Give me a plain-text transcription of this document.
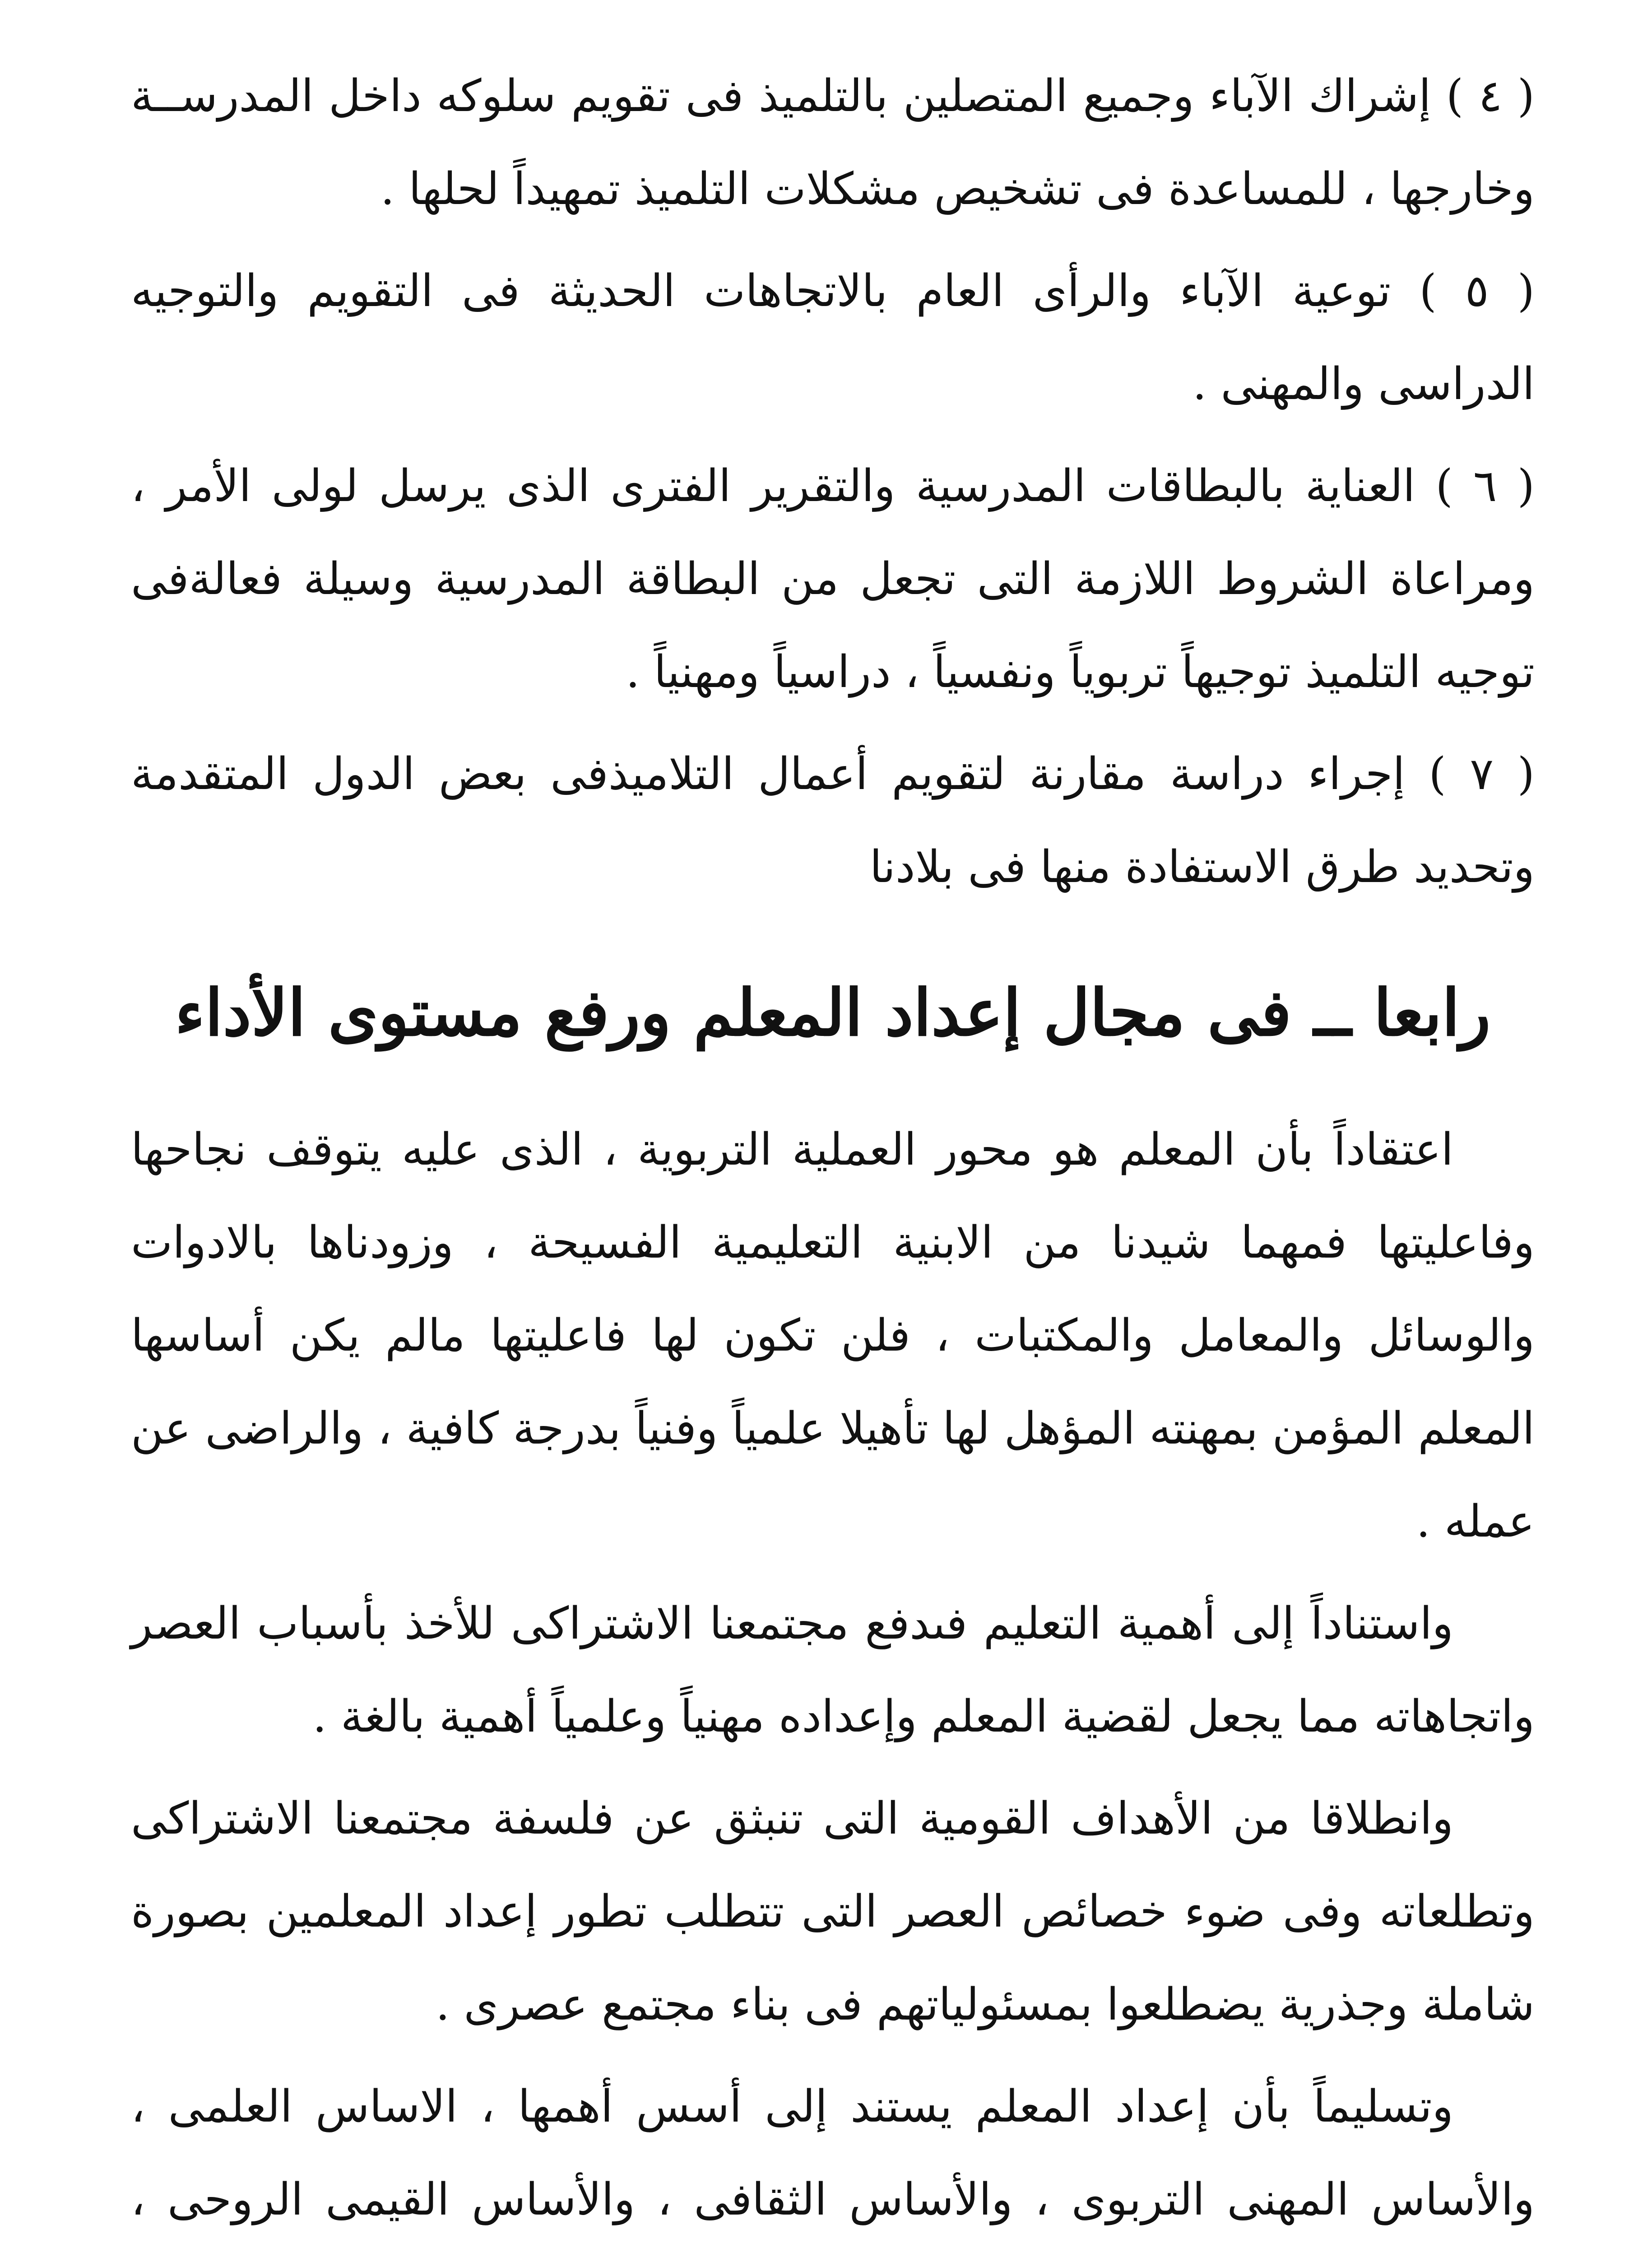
( ٤ ) إشراك الآباء وجميع المتصلين بالتلميذ فى تقويم سلوكه داخل المدرســة وخارجها ، للمساعدة فى تشخيص مشكلات التلميذ تمهيداً لحلها .

( ٥ ) توعية الآباء والرأى العام بالاتجاهات الحديثة فى التقويم والتوجيه الدراسى والمهنى .

( ٦ ) العناية بالبطاقات المدرسية والتقرير الفترى الذى يرسل لولى الأمر ، ومراعاة الشروط اللازمة التى تجعل من البطاقة المدرسية وسيلة فعالةفى توجيه التلميذ توجيهاً تربوياً ونفسياً ، دراسياً ومهنياً .

( ٧ ) إجراء دراسة مقارنة لتقويم أعمال التلاميذفى بعض الدول المتقدمة وتحديد طرق الاستفادة منها فى بلادنا

رابعا ــ فى مجال إعداد المعلم ورفع مستوى الأداء

اعتقاداً بأن المعلم هو محور العملية التربوية ، الذى عليه يتوقف نجاحها وفاعليتها فمهما شيدنا من الابنية التعليمية الفسيحة ، وزودناها بالادوات والوسائل والمعامل والمكتبات ، فلن تكون لها فاعليتها مالم يكن أساسها المعلم المؤمن بمهنته المؤهل لها تأهيلا علمياً وفنياً بدرجة كافية ، والراضى عن عمله .

واستناداً إلى أهمية التعليم فىدفع مجتمعنا الاشتراكى للأخذ بأسباب العصر واتجاهاته مما يجعل لقضية المعلم وإعداده مهنياً وعلمياً أهمية بالغة .

وانطلاقا من الأهداف القومية التى تنبثق عن فلسفة مجتمعنا الاشتراكى وتطلعاته وفى ضوء خصائص العصر التى تتطلب تطور إعداد المعلمين بصورة شاملة وجذرية يضطلعوا بمسئولياتهم فى بناء مجتمع عصرى .

وتسليماً بأن إعداد المعلم يستند إلى أسس أهمها ، الاساس العلمى ، والأساس المهنى التربوى ، والأساس الثقافى ، والأساس القيمى الروحى ،
